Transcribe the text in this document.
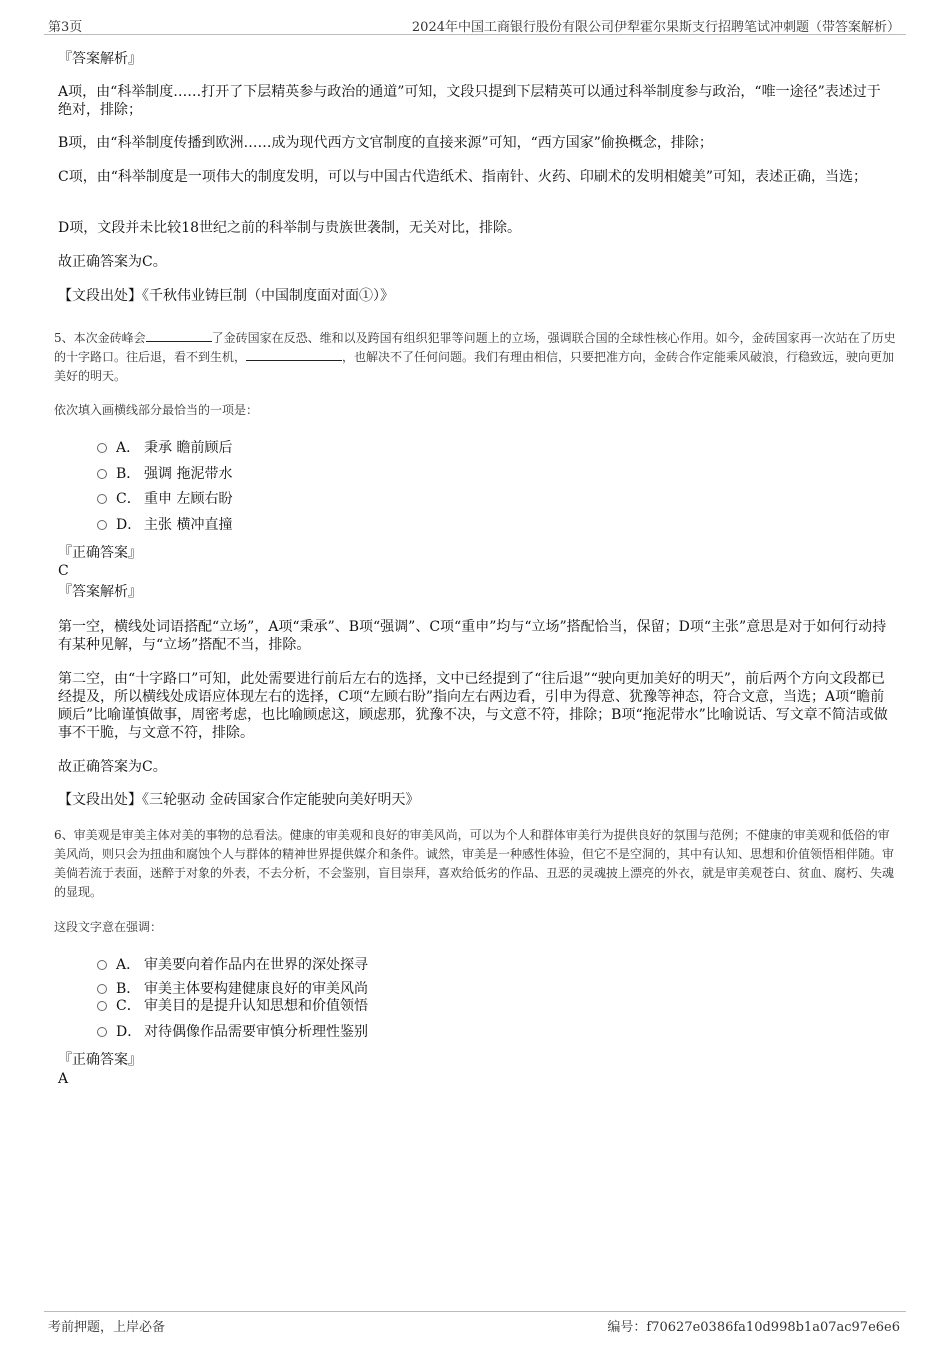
第3页	2024年中国工商银行股份有限公司伊犁霍尔果斯支行招聘笔试冲刺题（带答案解析）

『答案解析』

A项，由“科举制度……打开了下层精英参与政治的通道”可知，文段只提到下层精英可以通过科举制度参与政治，“唯一途径”表述过于绝对，排除；

B项，由“科举制度传播到欧洲……成为现代西方文官制度的直接来源”可知，“西方国家”偷换概念，排除；

C项，由“科举制度是一项伟大的制度发明，可以与中国古代造纸术、指南针、火药、印刷术的发明相媲美”可知，表述正确，当选；

D项，文段并未比较18世纪之前的科举制与贵族世袭制，无关对比，排除。

故正确答案为C。

【文段出处】《千秋伟业铸巨制（中国制度面对面①）》

5、本次金砖峰会	了金砖国家在反恐、维和以及跨国有组织犯罪等问题上的立场，强调联合国的全球性核心作用。如今，金砖国家再一次站在了历史的十字路口。往后退，看不到生机，	，也解决不了任何问题。我们有理由相信，只要把准方向，金砖合作定能乘风破浪，行稳致远，驶向更加美好的明天。

依次填入画横线部分最恰当的一项是：

A． 秉承 瞻前顾后
B． 强调 拖泥带水
C． 重申 左顾右盼
D． 主张 横冲直撞

『正确答案』

C

『答案解析』

第一空，横线处词语搭配“立场”，A项“秉承”、B项“强调”、C项“重申”均与“立场”搭配恰当，保留；D项“主张”意思是对于如何行动持有某种见解，与“立场”搭配不当，排除。

第二空，由“十字路口”可知，此处需要进行前后左右的选择，文中已经提到了“往后退”“驶向更加美好的明天”，前后两个方向文段都已经提及，所以横线处成语应体现左右的选择，C项“左顾右盼”指向左右两边看，引申为得意、犹豫等神态，符合文意，当选；A项“瞻前顾后”比喻谨慎做事，周密考虑，也比喻顾虑这，顾虑那，犹豫不决，与文意不符，排除；B项“拖泥带水”比喻说话、写文章不简洁或做事不干脆，与文意不符，排除。

故正确答案为C。

【文段出处】《三轮驱动 金砖国家合作定能驶向美好明天》

6、审美观是审美主体对美的事物的总看法。健康的审美观和良好的审美风尚，可以为个人和群体审美行为提供良好的氛围与范例；不健康的审美观和低俗的审美风尚，则只会为扭曲和腐蚀个人与群体的精神世界提供媒介和条件。诚然，审美是一种感性体验，但它不是空洞的，其中有认知、思想和价值领悟相伴随。审美倘若流于表面，迷醉于对象的外表，不去分析，不会鉴别，盲目崇拜，喜欢给低劣的作品、丑恶的灵魂披上漂亮的外衣，就是审美观苍白、贫血、腐朽、失魂的显现。

这段文字意在强调：

A． 审美要向着作品内在世界的深处探寻
B． 审美主体要构建健康良好的审美风尚
C． 审美目的是提升认知思想和价值领悟
D． 对待偶像作品需要审慎分析理性鉴别

『正确答案』

A

考前押题，上岸必备	编号：f70627e0386fa10d998b1a07ac97e6e6
